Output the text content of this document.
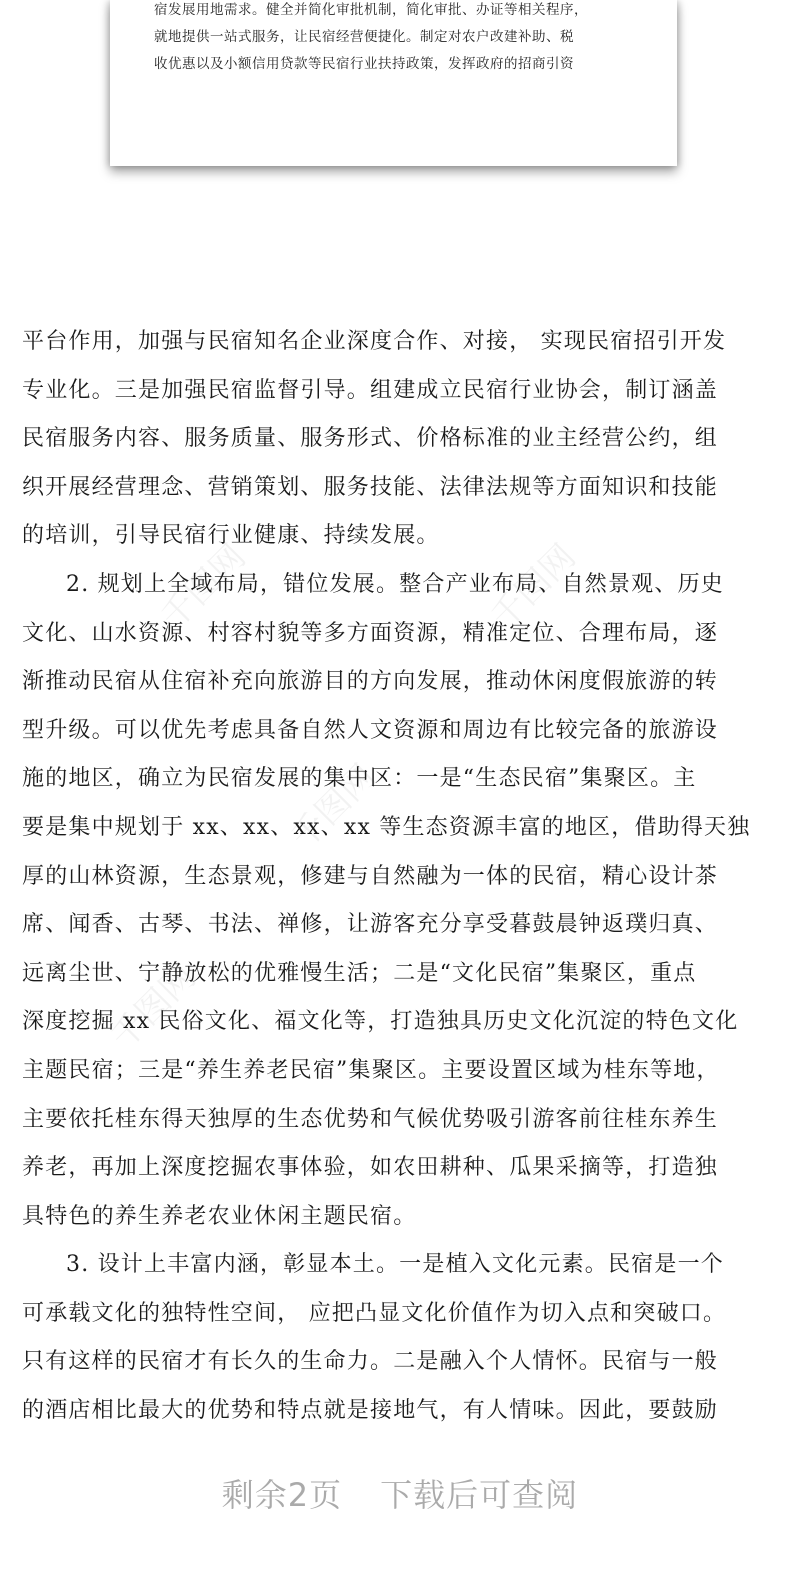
宿发展用地需求。健全并简化审批机制，简化审批、办证等相关程序，
就地提供一站式服务，让民宿经营便捷化。制定对农户改建补助、税
收优惠以及小额信用贷款等民宿行业扶持政策，发挥政府的招商引资
千图网	千图网
千图网
千图网
平台作用，加强与民宿知名企业深度合作、对接， 实现民宿招引开发
专业化。三是加强民宿监督引导。组建成立民宿行业协会，制订涵盖
民宿服务内容、服务质量、服务形式、价格标准的业主经营公约，组
织开展经营理念、营销策划、服务技能、法律法规等方面知识和技能
的培训，引导民宿行业健康、持续发展。
2. 规划上全域布局，错位发展。整合产业布局、自然景观、历史
文化、山水资源、村容村貌等多方面资源，精准定位、合理布局，逐
渐推动民宿从住宿补充向旅游目的方向发展，推动休闲度假旅游的转
型升级。可以优先考虑具备自然人文资源和周边有比较完备的旅游设
施的地区，确立为民宿发展的集中区：一是“生态民宿”集聚区。主
要是集中规划于 xx、xx、xx、xx 等生态资源丰富的地区，借助得天独
厚的山林资源，生态景观，修建与自然融为一体的民宿，精心设计茶
席、闻香、古琴、书法、禅修，让游客充分享受暮鼓晨钟返璞归真、
远离尘世、宁静放松的优雅慢生活；二是“文化民宿”集聚区，重点
深度挖掘 xx 民俗文化、福文化等，打造独具历史文化沉淀的特色文化
主题民宿；三是“养生养老民宿”集聚区。主要设置区域为桂东等地，
主要依托桂东得天独厚的生态优势和气候优势吸引游客前往桂东养生
养老，再加上深度挖掘农事体验，如农田耕种、瓜果采摘等，打造独
具特色的养生养老农业休闲主题民宿。
3. 设计上丰富内涵，彰显本土。一是植入文化元素。民宿是一个
可承载文化的独特性空间， 应把凸显文化价值作为切入点和突破口。
只有这样的民宿才有长久的生命力。二是融入个人情怀。民宿与一般
的酒店相比最大的优势和特点就是接地气，有人情味。因此，要鼓励
剩余2页 下载后可查阅
